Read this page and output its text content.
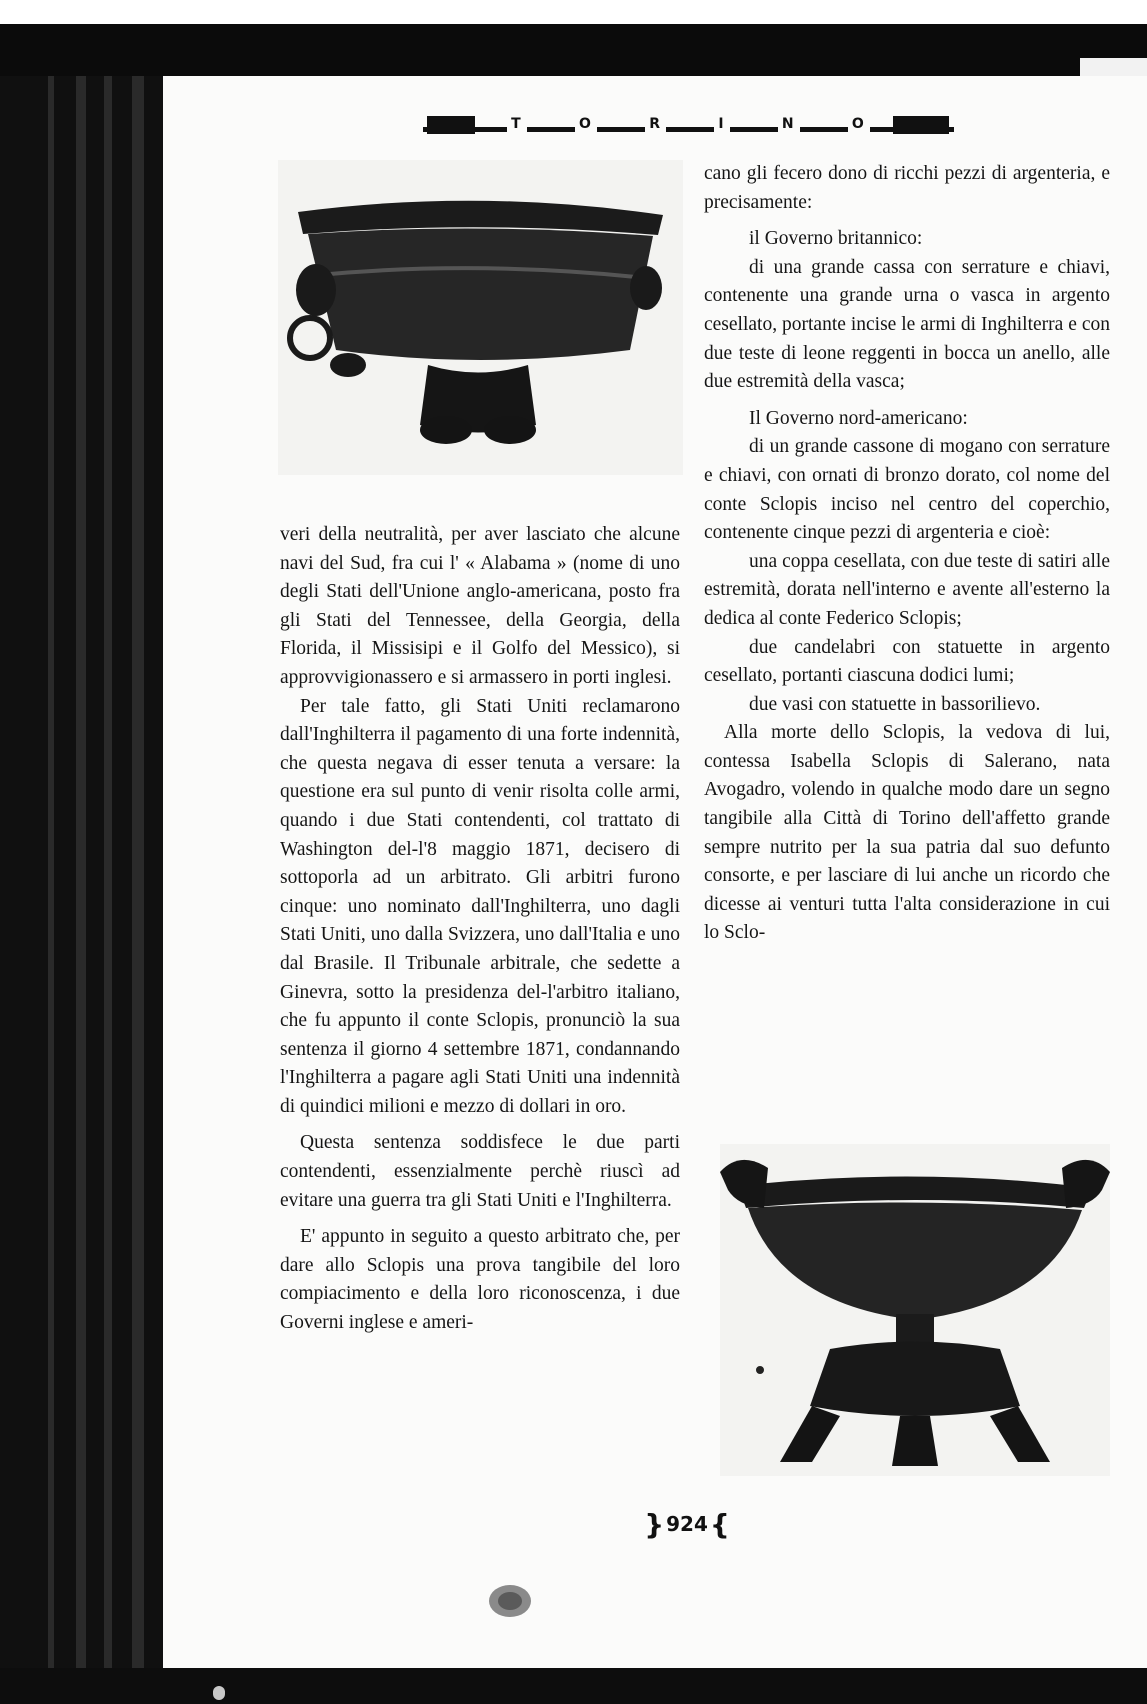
T	O	R	I	N	O

veri della neutralità, per aver lasciato che alcune navi del Sud, fra cui l' « Alabama » (nome di uno degli Stati dell'Unione anglo-americana, posto fra gli Stati del Tennessee, della Georgia, della Florida, il Missisipi e il Golfo del Messico), si approvvigionassero e si armassero in porti inglesi.

Per tale fatto, gli Stati Uniti reclamarono dall'Inghilterra il pagamento di una forte indennità, che questa negava di esser tenuta a versare: la questione era sul punto di venir risolta colle armi, quando i due Stati contendenti, col trattato di Washington del-l'8 maggio 1871, decisero di sottoporla ad un arbitrato. Gli arbitri furono cinque: uno nominato dall'Inghilterra, uno dagli Stati Uniti, uno dalla Svizzera, uno dall'Italia e uno dal Brasile. Il Tribunale arbitrale, che sedette a Ginevra, sotto la presidenza del-l'arbitro italiano, che fu appunto il conte Sclopis, pronunciò la sua sentenza il giorno 4 settembre 1871, condannando l'Inghilterra a pagare agli Stati Uniti una indennità di quindici milioni e mezzo di dollari in oro.

Questa sentenza soddisfece le due parti contendenti, essenzialmente perchè riuscì ad evitare una guerra tra gli Stati Uniti e l'Inghilterra.

E' appunto in seguito a questo arbitrato che, per dare allo Sclopis una prova tangibile del loro compiacimento e della loro riconoscenza, i due Governi inglese e ameri-

cano gli fecero dono di ricchi pezzi di argenteria, e precisamente:

il Governo britannico:

di una grande cassa con serrature e chiavi, contenente una grande urna o vasca in argento cesellato, portante incise le armi di Inghilterra e con due teste di leone reggenti in bocca un anello, alle due estremità della vasca;

Il Governo nord-americano:

di un grande cassone di mogano con serrature e chiavi, con ornati di bronzo dorato, col nome del conte Sclopis inciso nel centro del coperchio, contenente cinque pezzi di argenteria e cioè:

una coppa cesellata, con due teste di satiri alle estremità, dorata nell'interno e avente all'esterno la dedica al conte Federico Sclopis;

due candelabri con statuette in argento cesellato, portanti ciascuna dodici lumi;

due vasi con statuette in bassorilievo.

Alla morte dello Sclopis, la vedova di lui, contessa Isabella Sclopis di Salerano, nata Avogadro, volendo in qualche modo dare un segno tangibile alla Città di Torino dell'affetto grande sempre nutrito per la sua patria dal suo defunto consorte, e per lasciare di lui anche un ricordo che dicesse ai venturi tutta l'alta considerazione in cui lo Sclo-

} 924 {
